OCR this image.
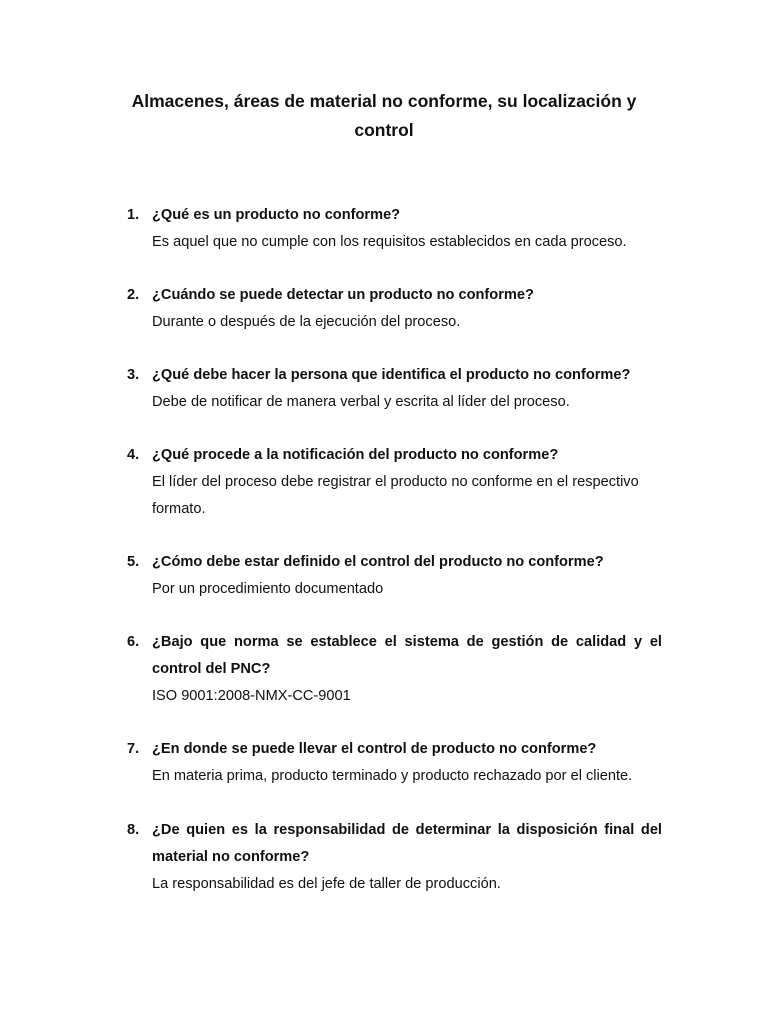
Almacenes, áreas de material no conforme, su localización y control
1. ¿Qué es un producto no conforme?

Es aquel que no cumple con los requisitos establecidos en cada proceso.

2. ¿Cuándo se puede detectar un producto no conforme?

Durante o después de la ejecución del proceso.

3. ¿Qué debe hacer la persona que identifica el producto no conforme?

Debe de notificar de manera verbal y escrita al líder del proceso.

4. ¿Qué procede a la notificación del producto no conforme?

El líder del proceso debe registrar el producto no conforme en el respectivo formato.

5. ¿Cómo debe estar definido el control del producto no conforme?

Por un procedimiento documentado

6. ¿Bajo que norma se establece el sistema de gestión de calidad y el control del PNC?

ISO 9001:2008-NMX-CC-9001

7. ¿En donde se puede llevar el control de producto no conforme?

En materia prima, producto terminado y producto rechazado por el cliente.

8. ¿De quien es la responsabilidad de determinar la disposición final del material no conforme?

La responsabilidad es del jefe de taller de producción.
